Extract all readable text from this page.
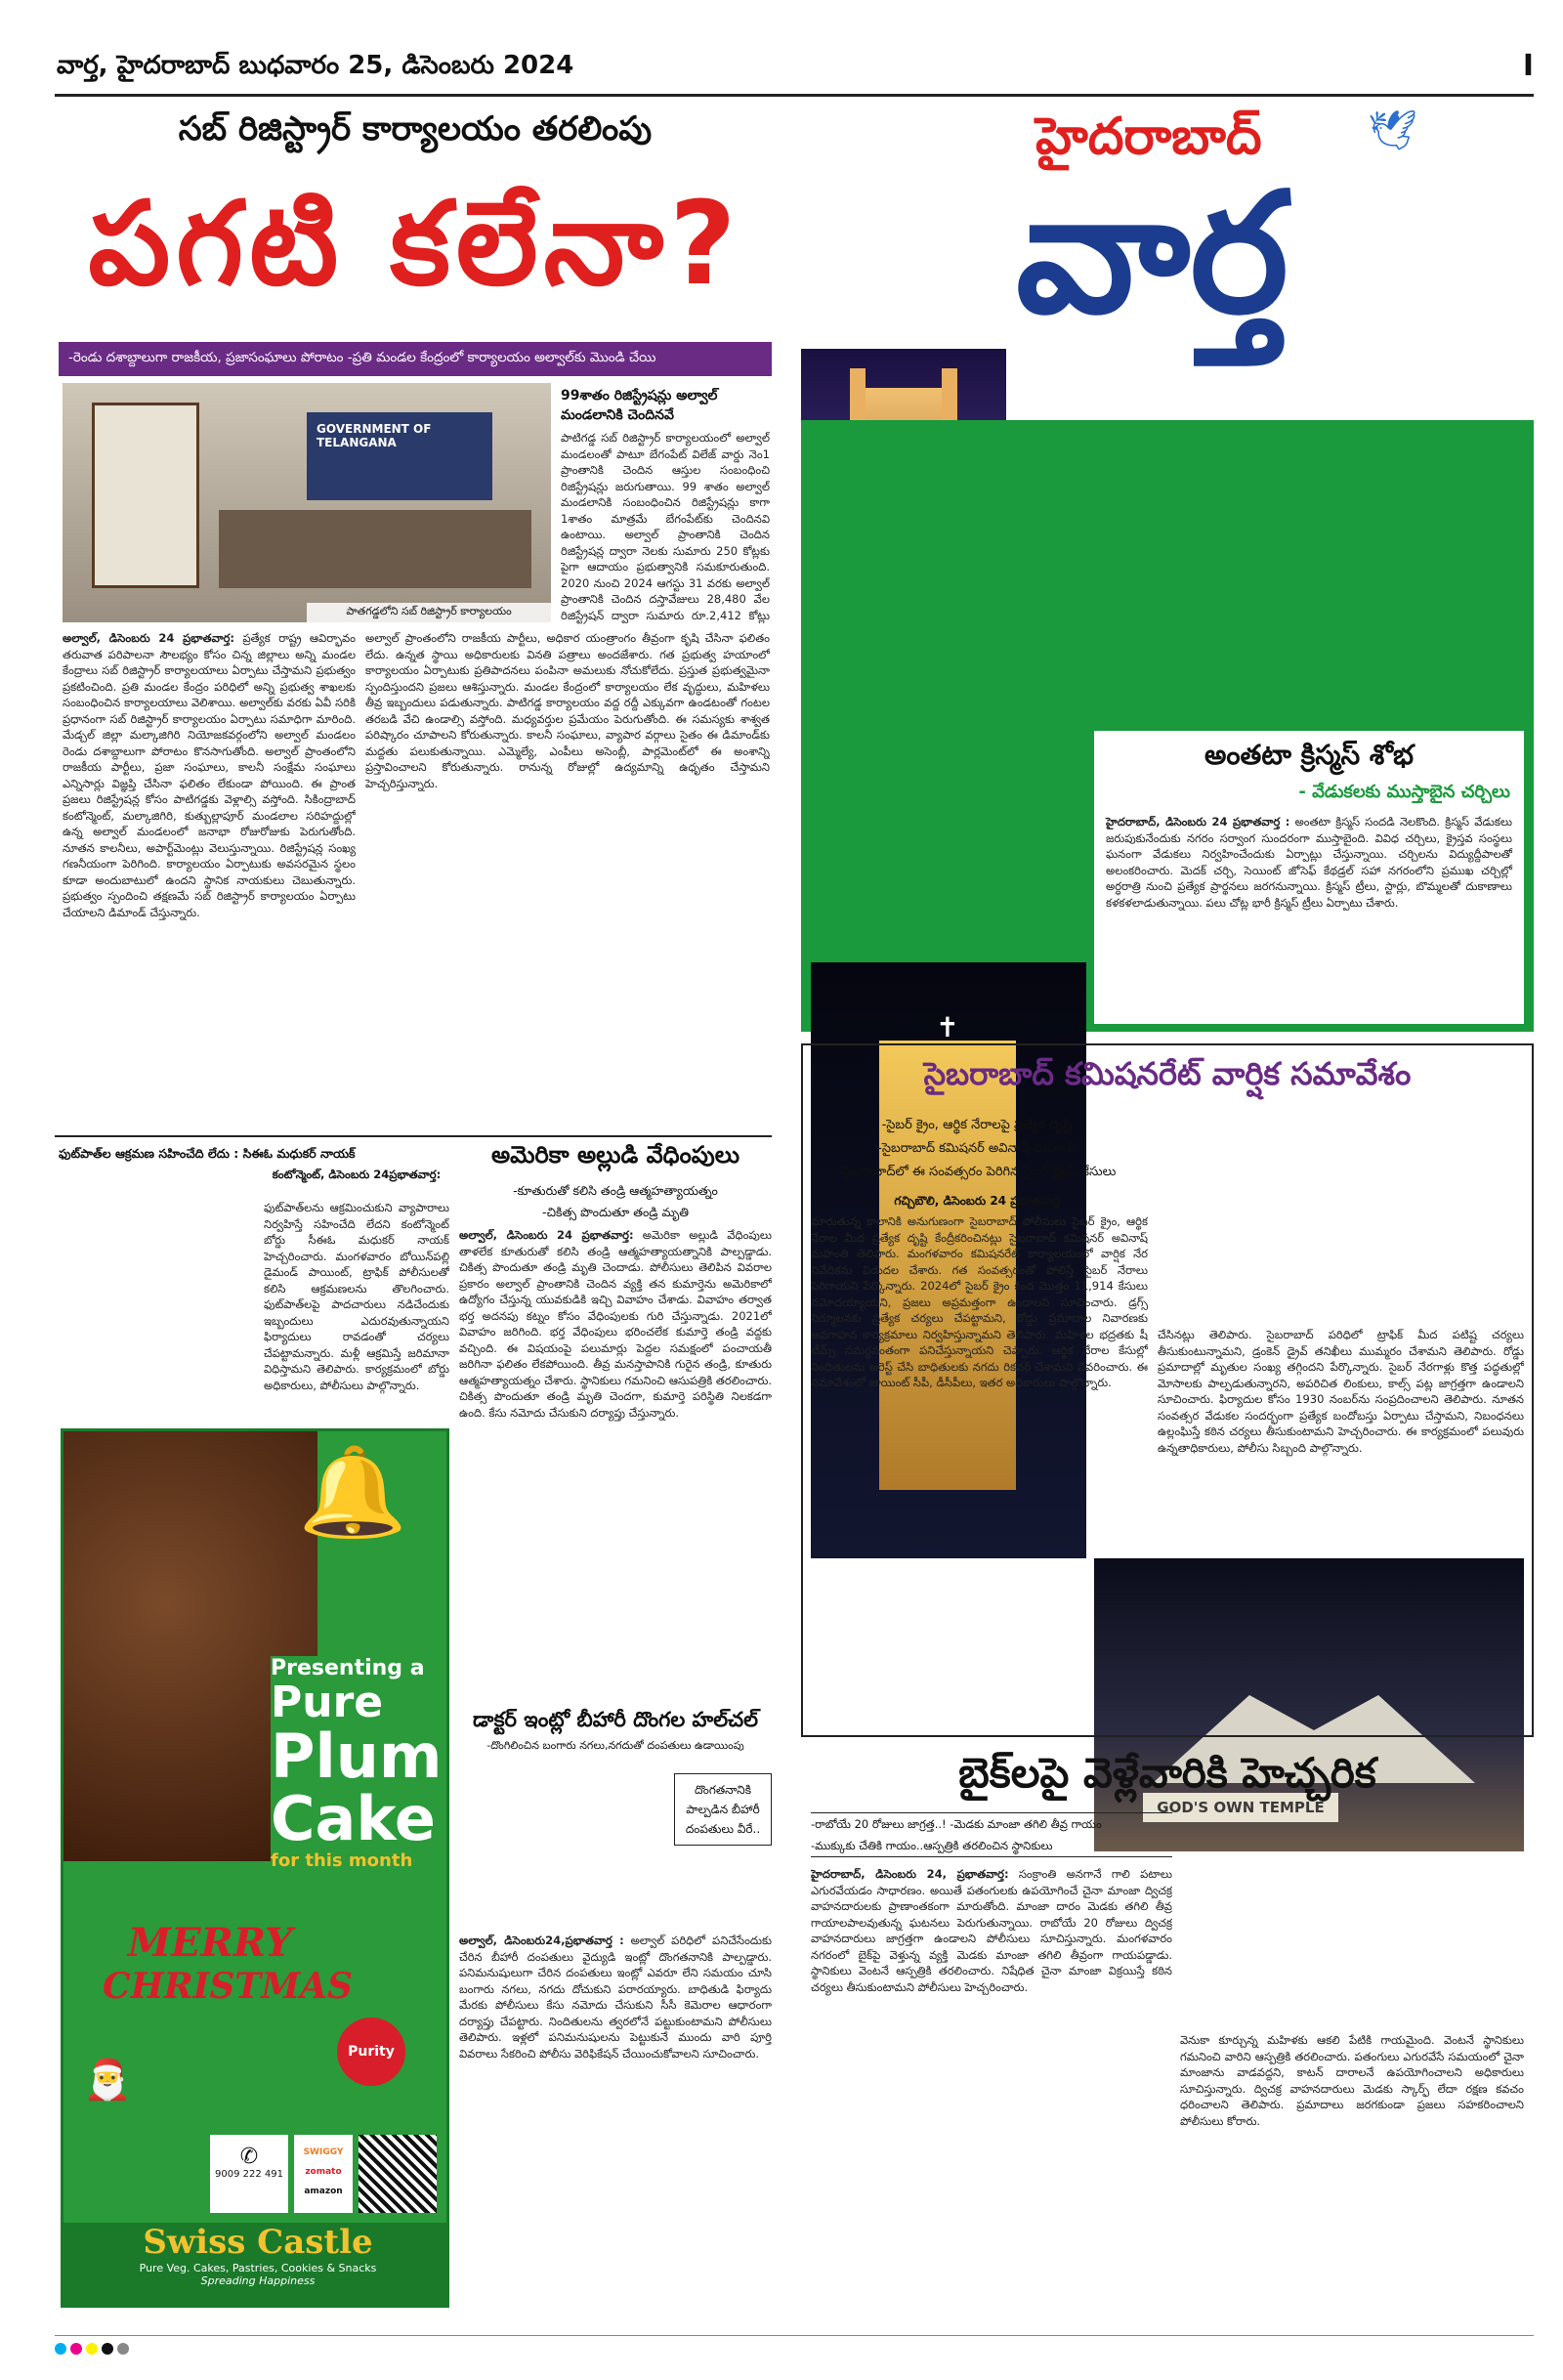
వార్త, హైదరాబాద్ బుధవారం 25, డిసెంబరు 2024	I
సబ్ రిజిస్ట్రార్ కార్యాలయం తరలింపు
పగటి కలేనా?
-రెండు దశాబ్దాలుగా రాజకీయ, ప్రజాసంఘాలు పోరాటం -ప్రతి మండల కేంద్రంలో కార్యాలయం అల్వాల్‌కు మొండి చేయి
GOVERNMENT OF TELANGANA
పాతగడ్డలోని సబ్ రిజిస్ట్రార్ కార్యాలయం
99శాతం రిజిస్ట్రేషన్లు అల్వాల్ మండలానికి చెందినవే
పాటిగడ్డ సబ్ రిజిస్ట్రార్ కార్యాలయంలో అల్వాల్ మండలంతో పాటూ బేగంపేట్ విలేజ్ వార్డు నెం1 ప్రాంతానికి చెందిన ఆస్తుల సంబంధించి రిజిస్ట్రేషన్లు జరుగుతాయి. 99 శాతం అల్వాల్ మండలానికి సంబంధించిన రిజిస్ట్రేషన్లు కాగా 1శాతం మాత్రమే బేగంపేట్‌కు చెందినవి ఉంటాయి. అల్వాల్ ప్రాంతానికి చెందిన రిజిస్ట్రేషన్ల ద్వారా నెలకు సుమారు 250 కోట్లకు పైగా ఆదాయం ప్రభుత్వానికి సమకూరుతుంది. 2020 నుంచి 2024 ఆగస్టు 31 వరకు అల్వాల్ ప్రాంతానికి చెందిన దస్తావేజులు 28,480 వేల రిజిస్ట్రేషన్ ద్వారా సుమారు రూ.2,412 కోట్లు
అల్వాల్, డిసెంబరు 24 ప్రభాతవార్త: ప్రత్యేక రాష్ట్ర ఆవిర్భావం తరువాత పరిపాలనా సౌలభ్యం కోసం చిన్న జిల్లాలు అన్ని మండల కేంద్రాలు సబ్ రిజిస్ట్రార్ కార్యాలయాలు ఏర్పాటు చేస్తామని ప్రభుత్వం ప్రకటించింది. ప్రతి మండల కేంద్రం పరిధిలో అన్ని ప్రభుత్వ శాఖలకు సంబంధించిన కార్యాలయాలు వెలిశాయి. అల్వాల్‌కు వరకు ఏవీ సరికి ప్రధానంగా సబ్ రిజిస్ట్రార్ కార్యాలయం ఏర్పాటు సమాధిగా మారింది. మేడ్చల్ జిల్లా మల్కాజిగిరి నియోజకవర్గంలోని అల్వాల్ మండలం రెండు దశాబ్దాలుగా పోరాటం కొనసాగుతోంది. అల్వాల్ ప్రాంతంలోని రాజకీయ పార్టీలు, ప్రజా సంఘాలు, కాలనీ సంక్షేమ సంఘాలు ఎన్నిసార్లు విజ్ఞప్తి చేసినా ఫలితం లేకుండా పోయింది. ఈ ప్రాంత ప్రజలు రిజిస్ట్రేషన్ల కోసం పాటిగడ్డకు వెళ్లాల్సి వస్తోంది. సికింద్రాబాద్ కంటోన్మెంట్, మల్కాజిగిరి, కుత్బుల్లాపూర్ మండలాల సరిహద్దుల్లో ఉన్న అల్వాల్ మండలంలో జనాభా రోజురోజుకు పెరుగుతోంది. నూతన కాలనీలు, అపార్ట్‌మెంట్లు వెలుస్తున్నాయి. రిజిస్ట్రేషన్ల సంఖ్య గణనీయంగా పెరిగింది. కార్యాలయం ఏర్పాటుకు అవసరమైన స్థలం కూడా అందుబాటులో ఉందని స్థానిక నాయకులు చెబుతున్నారు. ప్రభుత్వం స్పందించి తక్షణమే సబ్ రిజిస్ట్రార్ కార్యాలయం ఏర్పాటు చేయాలని డిమాండ్ చేస్తున్నారు.
అల్వాల్ ప్రాంతంలోని రాజకీయ పార్టీలు, అధికార యంత్రాంగం తీవ్రంగా కృషి చేసినా ఫలితం లేదు. ఉన్నత స్థాయి అధికారులకు వినతి పత్రాలు అందజేశారు. గత ప్రభుత్వ హయాంలో కార్యాలయం ఏర్పాటుకు ప్రతిపాదనలు పంపినా అమలుకు నోచుకోలేదు. ప్రస్తుత ప్రభుత్వమైనా స్పందిస్తుందని ప్రజలు ఆశిస్తున్నారు. మండల కేంద్రంలో కార్యాలయం లేక వృద్ధులు, మహిళలు తీవ్ర ఇబ్బందులు పడుతున్నారు. పాటిగడ్డ కార్యాలయం వద్ద రద్దీ ఎక్కువగా ఉండటంతో గంటల తరబడి వేచి ఉండాల్సి వస్తోంది. మధ్యవర్తుల ప్రమేయం పెరుగుతోంది. ఈ సమస్యకు శాశ్వత పరిష్కారం చూపాలని కోరుతున్నారు. కాలనీ సంఘాలు, వ్యాపార వర్గాలు సైతం ఈ డిమాండ్‌కు మద్దతు పలుకుతున్నాయి. ఎమ్మెల్యే, ఎంపీలు అసెంబ్లీ, పార్లమెంట్‌లో ఈ అంశాన్ని ప్రస్తావించాలని కోరుతున్నారు. రానున్న రోజుల్లో ఉద్యమాన్ని ఉధృతం చేస్తామని హెచ్చరిస్తున్నారు.
హైదరాబాద్	🕊
వార్త
✝
GOD'S OWN TEMPLE
అంతటా క్రిస్మస్ శోభ
- వేడుకలకు ముస్తాబైన చర్చిలు
హైదరాబాద్, డిసెంబరు 24 ప్రభాతవార్త : అంతటా క్రిస్మస్ సందడి నెలకొంది. క్రిస్మస్ వేడుకలు జరుపుకునేందుకు నగరం సర్వాంగ సుందరంగా ముస్తాబైంది. వివిధ చర్చిలు, క్రైస్తవ సంస్థలు ఘనంగా వేడుకలు నిర్వహించేందుకు ఏర్పాట్లు చేస్తున్నాయి. చర్చిలను విద్యుద్దీపాలతో అలంకరించారు. మెదక్ చర్చి, సెయింట్ జోసెఫ్ కేథడ్రల్ సహా నగరంలోని ప్రముఖ చర్చిల్లో అర్ధరాత్రి నుంచి ప్రత్యేక ప్రార్థనలు జరగనున్నాయి. క్రిస్మస్ ట్రీలు, స్టార్లు, బొమ్మలతో దుకాణాలు కళకళలాడుతున్నాయి. పలు చోట్ల భారీ క్రిస్మస్ ట్రీలు ఏర్పాటు చేశారు.
సైబరాబాద్ కమిషనరేట్ వార్షిక సమావేశం
-సైబర్ క్రైం, ఆర్థిక నేరాలపై ప్రత్యేక దృష్టి
-సైబరాబాద్ కమిషనర్ అవినాష్ మహంతి
-సైబరాబాద్‌లో ఈ సంవత్సరం పెరిగిన సైబర్ క్రైమ్ కేసులు
గచ్చిబౌలి, డిసెంబరు 24 ప్రభాతవార్త
మారుతున్న కాలానికి అనుగుణంగా సైబరాబాద్ పోలీసులు సైబర్ క్రైం, ఆర్థిక నేరాల మీద ప్రత్యేక దృష్టి కేంద్రీకరించినట్లు సైబరాబాద్ కమిషనర్ అవినాష్ మహంతి తెలిపారు. మంగళవారం కమిషనరేట్ కార్యాలయంలో వార్షిక నేర నివేదికను విడుదల చేశారు. గత సంవత్సరంతో పోలిస్తే సైబర్ నేరాలు పెరిగాయని పేర్కొన్నారు. 2024లో సైబర్ క్రైం కింద మొత్తం 11,914 కేసులు నమోదయ్యాయని, ప్రజలు అప్రమత్తంగా ఉండాలని సూచించారు. డ్రగ్స్ నిర్మూలనకు ప్రత్యేక చర్యలు చేపట్టామని, రోడ్డు ప్రమాదాల నివారణకు అవగాహన కార్యక్రమాలు నిర్వహిస్తున్నామని తెలిపారు. మహిళల భద్రతకు షీ టీమ్స్ సమర్థవంతంగా పనిచేస్తున్నాయని చెప్పారు. ఆర్థిక నేరాల కేసుల్లో నిందితులను అరెస్ట్ చేసి బాధితులకు నగదు రికవరీ చేశామని వివరించారు. ఈ సమావేశంలో జాయింట్ సీపీ, డీసీపీలు, ఇతర అధికారులు పాల్గొన్నారు.
చేసినట్లు తెలిపారు. సైబరాబాద్ పరిధిలో ట్రాఫిక్ మీద పటిష్ట చర్యలు తీసుకుంటున్నామని, డ్రంకెన్ డ్రైవ్ తనిఖీలు ముమ్మరం చేశామని తెలిపారు. రోడ్డు ప్రమాదాల్లో మృతుల సంఖ్య తగ్గిందని పేర్కొన్నారు. సైబర్ నేరగాళ్లు కొత్త పద్ధతుల్లో మోసాలకు పాల్పడుతున్నారని, అపరిచిత లింకులు, కాల్స్ పట్ల జాగ్రత్తగా ఉండాలని సూచించారు. ఫిర్యాదుల కోసం 1930 నంబర్‌ను సంప్రదించాలని తెలిపారు. నూతన సంవత్సర వేడుకల సందర్భంగా ప్రత్యేక బందోబస్తు ఏర్పాటు చేస్తామని, నిబంధనలు ఉల్లంఘిస్తే కఠిన చర్యలు తీసుకుంటామని హెచ్చరించారు. ఈ కార్యక్రమంలో పలువురు ఉన్నతాధికారులు, పోలీసు సిబ్బంది పాల్గొన్నారు.
ఫుట్‌పాత్‌ల ఆక్రమణ సహించేది లేదు : సిఈఓ మధుకర్ నాయక్
కంటోన్మెంట్, డిసెంబరు 24ప్రభాతవార్త:
ఫుట్‌పాత్‌లను ఆక్రమించుకుని వ్యాపారాలు నిర్వహిస్తే సహించేది లేదని కంటోన్మెంట్ బోర్డు సీఈఓ మధుకర్ నాయక్ హెచ్చరించారు. మంగళవారం బోయిన్‌పల్లి డైమండ్ పాయింట్, ట్రాఫిక్ పోలీసులతో కలిసి ఆక్రమణలను తొలగించారు. ఫుట్‌పాత్‌లపై పాదచారులు నడిచేందుకు ఇబ్బందులు ఎదురవుతున్నాయని ఫిర్యాదులు రావడంతో చర్యలు చేపట్టామన్నారు. మళ్లీ ఆక్రమిస్తే జరిమానా విధిస్తామని తెలిపారు. కార్యక్రమంలో బోర్డు అధికారులు, పోలీసులు పాల్గొన్నారు.
🔔
Presenting a
Pure
Plum
Cake
for this month
MERRY
CHRISTMAS
🎅
Purity
✆
9009 222 491
SWIGGY
zomato
amazon
Swiss Castle
Pure Veg. Cakes, Pastries, Cookies & Snacks
Spreading Happiness
అమెరికా అల్లుడి వేధింపులు
-కూతురుతో కలిసి తండ్రి ఆత్మహత్యాయత్నం
-చికిత్స పొందుతూ తండ్రి మృతి
అల్వాల్, డిసెంబరు 24 ప్రభాతవార్త: అమెరికా అల్లుడి వేధింపులు తాళలేక కూతురుతో కలిసి తండ్రి ఆత్మహత్యాయత్నానికి పాల్పడ్డాడు. చికిత్స పొందుతూ తండ్రి మృతి చెందాడు. పోలీసులు తెలిపిన వివరాల ప్రకారం అల్వాల్ ప్రాంతానికి చెందిన వ్యక్తి తన కుమార్తెను అమెరికాలో ఉద్యోగం చేస్తున్న యువకుడికి ఇచ్చి వివాహం చేశాడు. వివాహం తర్వాత భర్త అదనపు కట్నం కోసం వేధింపులకు గురి చేస్తున్నాడు. 2021లో వివాహం జరిగింది. భర్త వేధింపులు భరించలేక కుమార్తె తండ్రి వద్దకు వచ్చింది. ఈ విషయంపై పలుమార్లు పెద్దల సమక్షంలో పంచాయతీ జరిగినా ఫలితం లేకపోయింది. తీవ్ర మనస్తాపానికి గురైన తండ్రి, కూతురు ఆత్మహత్యాయత్నం చేశారు. స్థానికులు గమనించి ఆసుపత్రికి తరలించారు. చికిత్స పొందుతూ తండ్రి మృతి చెందగా, కుమార్తె పరిస్థితి నిలకడగా ఉంది. కేసు నమోదు చేసుకుని దర్యాప్తు చేస్తున్నారు.
డాక్టర్ ఇంట్లో బీహారీ దొంగల హల్‌చల్
-దొంగిలించిన బంగారు నగలు,నగదుతో దంపతులు ఉడాయింపు
దొంగతనానికి పాల్పడిన బీహారీ దంపతులు వీరే..
అల్వాల్, డిసెంబరు24,ప్రభాతవార్త : అల్వాల్ పరిధిలో పనిచేసేందుకు చేరిన బీహారీ దంపతులు వైద్యుడి ఇంట్లో దొంగతనానికి పాల్పడ్డారు. పనిమనుషులుగా చేరిన దంపతులు ఇంట్లో ఎవరూ లేని సమయం చూసి బంగారు నగలు, నగదు దోచుకుని పరారయ్యారు. బాధితుడి ఫిర్యాదు మేరకు పోలీసులు కేసు నమోదు చేసుకుని సీసీ కెమెరాల ఆధారంగా దర్యాప్తు చేపట్టారు. నిందితులను త్వరలోనే పట్టుకుంటామని పోలీసులు తెలిపారు. ఇళ్లలో పనిమనుషులను పెట్టుకునే ముందు వారి పూర్తి వివరాలు సేకరించి పోలీసు వెరిఫికేషన్ చేయించుకోవాలని సూచించారు.
బైక్‌లపై వెళ్లేవారికి హెచ్చరిక
-రాబోయే 20 రోజులు జాగ్రత్త..! -మెడకు మాంజా తగిలి తీవ్ర గాయం
-ముక్కుకు చేతికి గాయం..ఆస్పత్రికి తరలించిన స్థానికులు
హైదరాబాద్, డిసెంబరు 24, ప్రభాతవార్త: సంక్రాంతి అనగానే గాలి పటాలు ఎగురవేయడం సాధారణం. అయితే పతంగులకు ఉపయోగించే చైనా మాంజా ద్విచక్ర వాహనదారులకు ప్రాణాంతకంగా మారుతోంది. మాంజా దారం మెడకు తగిలి తీవ్ర గాయాలపాలవుతున్న ఘటనలు పెరుగుతున్నాయి. రాబోయే 20 రోజులు ద్విచక్ర వాహనదారులు జాగ్రత్తగా ఉండాలని పోలీసులు సూచిస్తున్నారు. మంగళవారం నగరంలో బైక్‌పై వెళ్తున్న వ్యక్తి మెడకు మాంజా తగిలి తీవ్రంగా గాయపడ్డాడు. స్థానికులు వెంటనే ఆస్పత్రికి తరలించారు. నిషేధిత చైనా మాంజా విక్రయిస్తే కఠిన చర్యలు తీసుకుంటామని పోలీసులు హెచ్చరించారు.
వెనుకా కూర్చున్న మహిళకు ఆకలి పేటికి గాయమైంది. వెంటనే స్థానికులు గమనించి వారిని ఆస్పత్రికి తరలించారు. పతంగులు ఎగురవేసే సమయంలో చైనా మాంజాను వాడవద్దని, కాటన్ దారాలనే ఉపయోగించాలని అధికారులు సూచిస్తున్నారు. ద్విచక్ర వాహనదారులు మెడకు స్కార్ఫ్ లేదా రక్షణ కవచం ధరించాలని తెలిపారు. ప్రమాదాలు జరగకుండా ప్రజలు సహకరించాలని పోలీసులు కోరారు.
